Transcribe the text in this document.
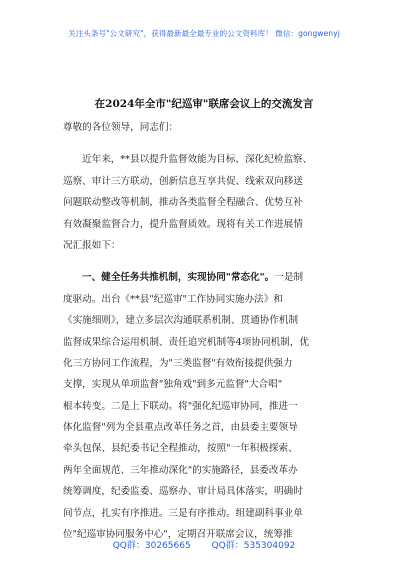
关注头条号"公文研究"，获得最新最全最专业的公文资料库！ 微信：gongwenyj
在2024年全市"纪巡审"联席会议上的交流发言
尊敬的各位领导，同志们：
近年来，**县以提升监督效能为目标，深化纪检监察、
巡察、审计三方联动，创新信息互享共促、线索双向移送
问题联动整改等机制，推动各类监督全程融合、优势互补
有效凝聚监督合力，提升监督质效。现将有关工作进展情
况汇报如下：
一、健全任务共推机制，实现协同"常态化"。一是制
度驱动。出台《**县"纪巡审"工作协同实施办法》和
《实施细则》，建立多层次沟通联系机制、贯通协作机制
监督成果综合运用机制、责任追究机制等4项协同机制，优
化三方协同工作流程，为"三类监督"有效衔接提供强力
支撑，实现从单项监督"独角戏"到多元监督"大合唱"
根本转变。二是上下联动。将"强化纪巡审协同，推进一
体化监督"列为全县重点改革任务之首，由县委主要领导
牵头包保、县纪委书记全程推动，按照"一年积极探索、
两年全面规范、三年推动深化"的实施路径，县委改革办
统筹调度，纪委监委、巡察办、审计局具体落实，明确时
间节点，扎实有序推进。三是有序推动。组建副科事业单
位"纪巡审协同服务中心"，定期召开联席会议，统筹推
QQ群：30265665 QQ群：535304092
